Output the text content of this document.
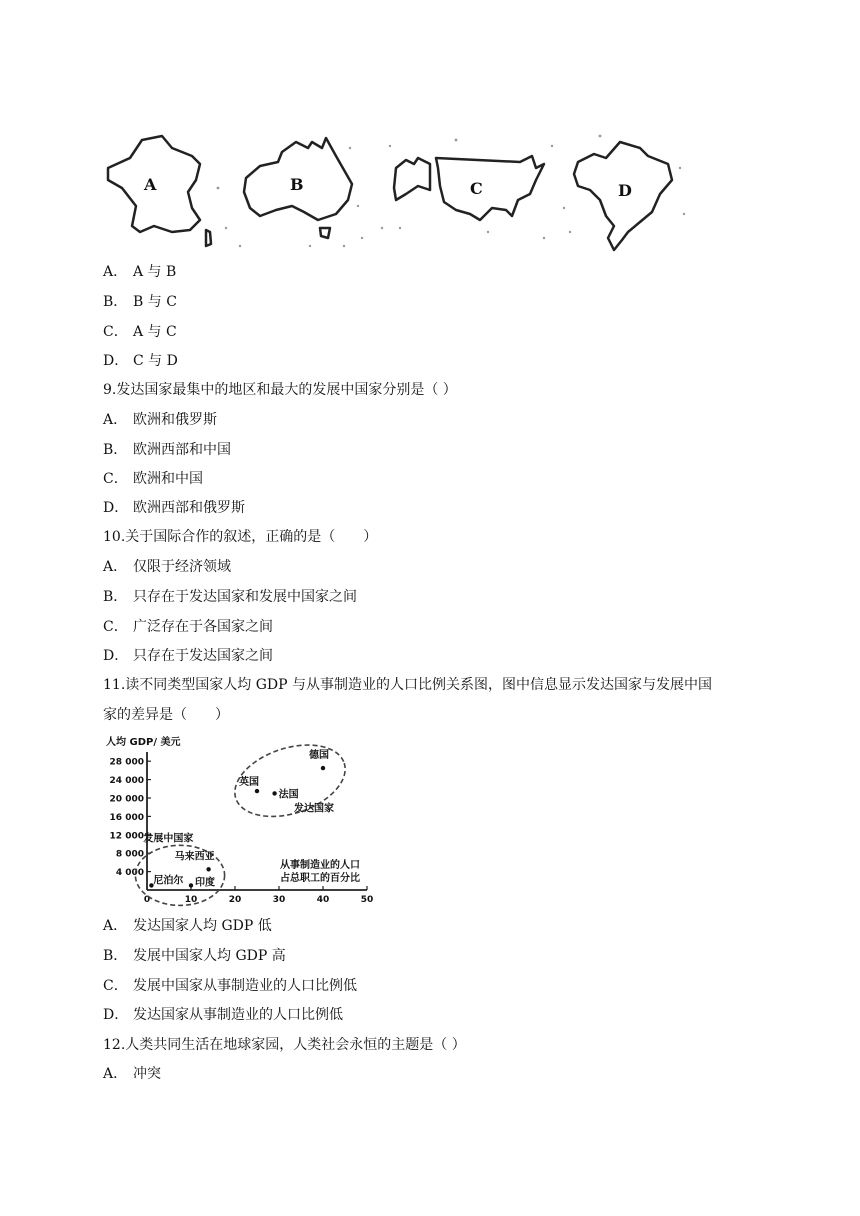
A	B	C	D
A． A 与 B
B． B 与 C
C． A 与 C
D． C 与 D
9.发达国家最集中的地区和最大的发展中国家分别是（ ）
A． 欧洲和俄罗斯
B． 欧洲西部和中国
C． 欧洲和中国
D． 欧洲西部和俄罗斯
10.关于国际合作的叙述，正确的是（　　）
A． 仅限于经济领域
B． 只存在于发达国家和发展中国家之间
C． 广泛存在于各国家之间
D． 只存在于发达国家之间
11.读不同类型国家人均 GDP 与从事制造业的人口比例关系图，图中信息显示发达国家与发展中国
家的差异是（　　）
人均 GDP/ 美元
4 000
8 000
12 000
16 000
20 000
24 000
28 000
0	10	20	30	40	50
发达国家
发展中国家
德国
英国
法国
马来西亚
尼泊尔 印度
从事制造业的人口
占总职工的百分比
A． 发达国家人均 GDP 低
B． 发展中国家人均 GDP 高
C． 发展中国家从事制造业的人口比例低
D． 发达国家从事制造业的人口比例低
12.人类共同生活在地球家园，人类社会永恒的主题是（ ）
A． 冲突
